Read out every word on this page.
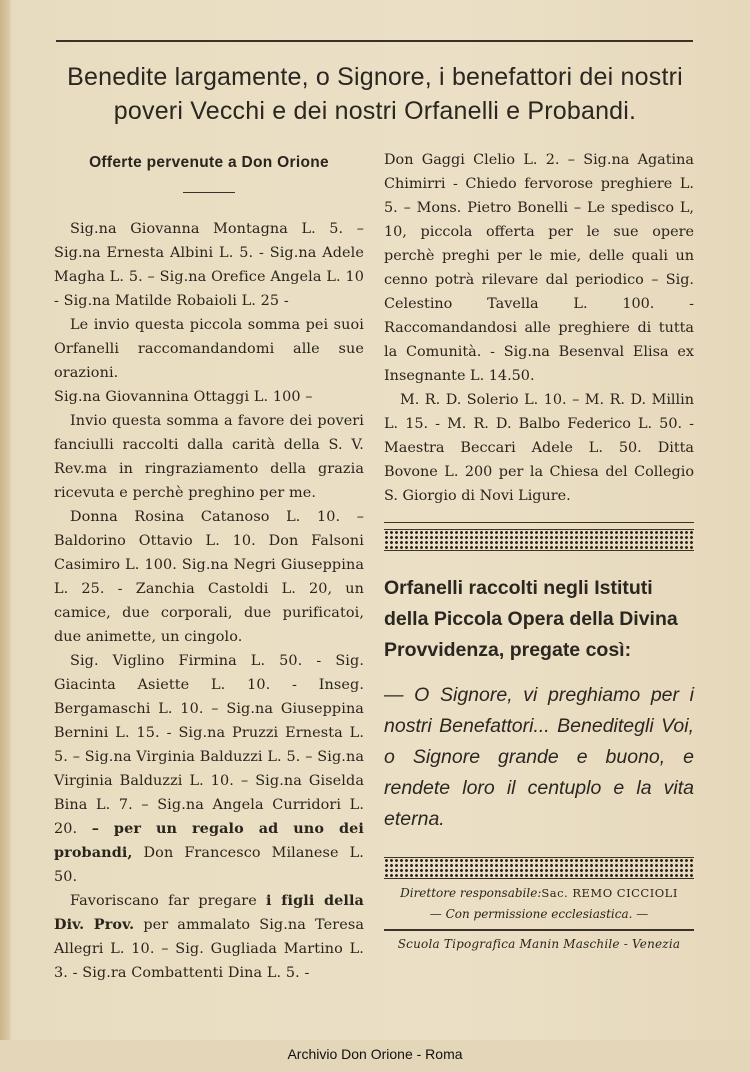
Benedite largamente, o Signore, i benefattori dei nostri poveri Vecchi e dei nostri Orfanelli e Probandi.
Offerte pervenute a Don Orione

Sig.na Giovanna Montagna L. 5. – Sig.na Ernesta Albini L. 5. - Sig.na Adele Magha L. 5. – Sig.na Orefice Angela L. 10 - Sig.na Matilde Robaioli L. 25 -

Le invio questa piccola somma pei suoi Orfanelli raccomandandomi alle sue orazioni.

Sig.na Giovannina Ottaggi L. 100 –

Invio questa somma a favore dei poveri fanciulli raccolti dalla carità della S. V. Rev.ma in ringraziamento della grazia ricevuta e perchè preghino per me.

Donna Rosina Catanoso L. 10. – Baldorino Ottavio L. 10. Don Falsoni Casimiro L. 100. Sig.na Negri Giuseppina L. 25. - Zanchia Castoldi L. 20, un camice, due corporali, due purificatoi, due animette, un cingolo.

Sig. Viglino Firmina L. 50. - Sig. Giacinta Asiette L. 10. - Inseg. Bergamaschi L. 10. – Sig.na Giuseppina Bernini L. 15. - Sig.na Pruzzi Ernesta L. 5. – Sig.na Virginia Balduzzi L. 5. – Sig.na Virginia Balduzzi L. 10. – Sig.na Giselda Bina L. 7. – Sig.na Angela Curridori L. 20. – per un regalo ad uno dei probandi, Don Francesco Milanese L. 50.

Favoriscano far pregare i figli della Div. Prov. per ammalato Sig.na Teresa Allegri L. 10. – Sig. Gugliada Martino L. 3. - Sig.ra Combattenti Dina L. 5. -

Don Gaggi Clelio L. 2. – Sig.na Agatina Chimirri - Chiedo fervorose preghiere L. 5. – Mons. Pietro Bonelli – Le spedisco L, 10, piccola offerta per le sue opere perchè preghi per le mie, delle quali un cenno potrà rilevare dal periodico – Sig. Celestino Tavella L. 100. - Raccomandandosi alle preghiere di tutta la Comunità. - Sig.na Besenval Elisa ex Insegnante L. 14.50.

M. R. D. Solerio L. 10. – M. R. D. Millin L. 15. - M. R. D. Balbo Federico L. 50. - Maestra Beccari Adele L. 50. Ditta Bovone L. 200 per la Chiesa del Collegio S. Giorgio di Novi Ligure.

Orfanelli raccolti negli Istituti della Piccola Opera della Divina Provvidenza, pregate così:
— O Signore, vi preghiamo per i nostri Benefattori... Beneditegli Voi, o Signore grande e buono, e rendete loro il centuplo e la vita eterna.
Direttore responsabile:Sac. REMO CICCIOLI
— Con permissione ecclesiastica. —
Scuola Tipografica Manin Maschile - Venezia
Archivio Don Orione - Roma
